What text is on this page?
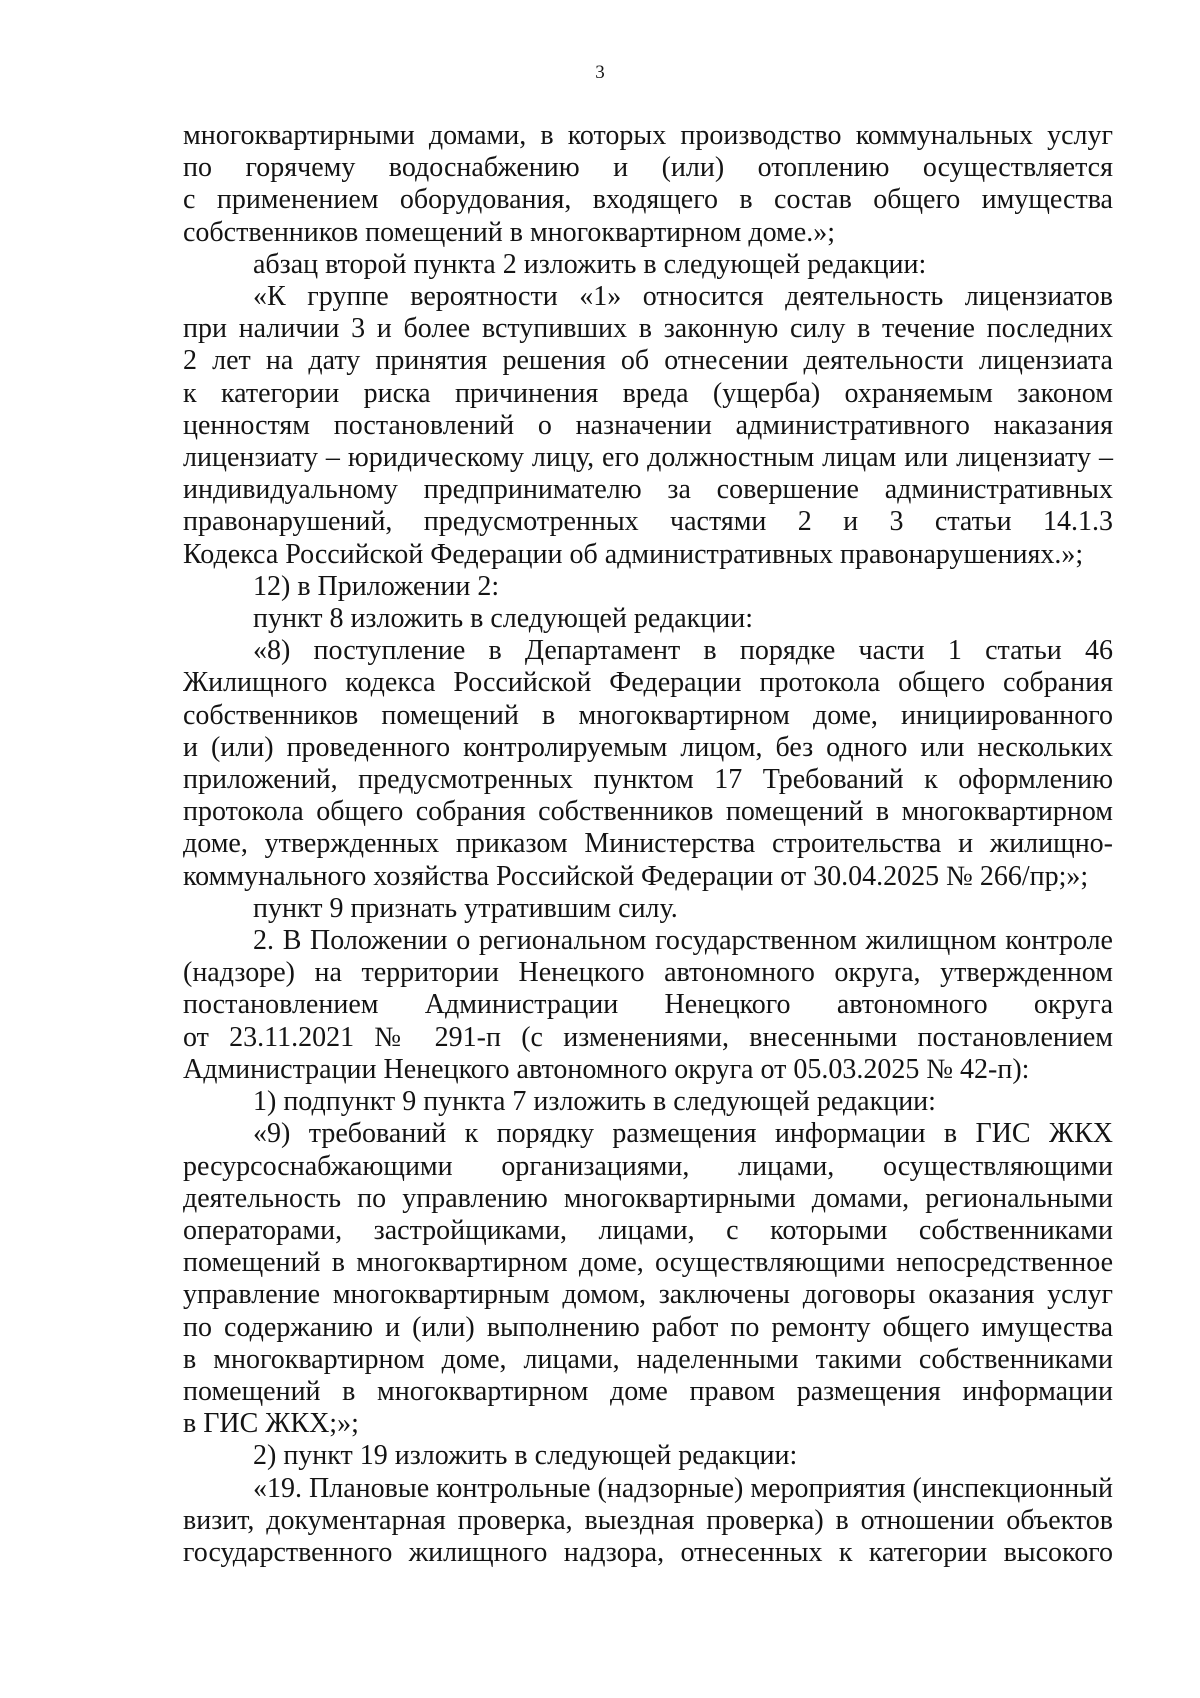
3

многоквартирными домами, в которых производство коммунальных услуг

по горячему водоснабжению и (или) отоплению осуществляется

с применением оборудования, входящего в состав общего имущества

собственников помещений в многоквартирном доме.»;

абзац второй пункта 2 изложить в следующей редакции:

«К группе вероятности «1» относится деятельность лицензиатов

при наличии 3 и более вступивших в законную силу в течение последних

2 лет на дату принятия решения об отнесении деятельности лицензиата

к категории риска причинения вреда (ущерба) охраняемым законом

ценностям постановлений о назначении административного наказания

лицензиату – юридическому лицу, его должностным лицам или лицензиату –

индивидуальному предпринимателю за совершение административных

правонарушений, предусмотренных частями 2 и 3 статьи 14.1.3

Кодекса Российской Федерации об административных правонарушениях.»;

12) в Приложении 2:

пункт 8 изложить в следующей редакции:

«8) поступление в Департамент в порядке части 1 статьи 46

Жилищного кодекса Российской Федерации протокола общего собрания

собственников помещений в многоквартирном доме, инициированного

и (или) проведенного контролируемым лицом, без одного или нескольких

приложений, предусмотренных пунктом 17 Требований к оформлению

протокола общего собрания собственников помещений в многоквартирном

доме, утвержденных приказом Министерства строительства и жилищно-

коммунального хозяйства Российской Федерации от 30.04.2025 № 266/пр;»;

пункт 9 признать утратившим силу.

2. В Положении о региональном государственном жилищном контроле

(надзоре) на территории Ненецкого автономного округа, утвержденном

постановлением Администрации Ненецкого автономного округа

от 23.11.2021 № 291-п (с изменениями, внесенными постановлением

Администрации Ненецкого автономного округа от 05.03.2025 № 42-п):

1) подпункт 9 пункта 7 изложить в следующей редакции:

«9) требований к порядку размещения информации в ГИС ЖКХ

ресурсоснабжающими организациями, лицами, осуществляющими

деятельность по управлению многоквартирными домами, региональными

операторами, застройщиками, лицами, с которыми собственниками

помещений в многоквартирном доме, осуществляющими непосредственное

управление многоквартирным домом, заключены договоры оказания услуг

по содержанию и (или) выполнению работ по ремонту общего имущества

в многоквартирном доме, лицами, наделенными такими собственниками

помещений в многоквартирном доме правом размещения информации

в ГИС ЖКХ;»;

2) пункт 19 изложить в следующей редакции:

«19. Плановые контрольные (надзорные) мероприятия (инспекционный

визит, документарная проверка, выездная проверка) в отношении объектов

государственного жилищного надзора, отнесенных к категории высокого
